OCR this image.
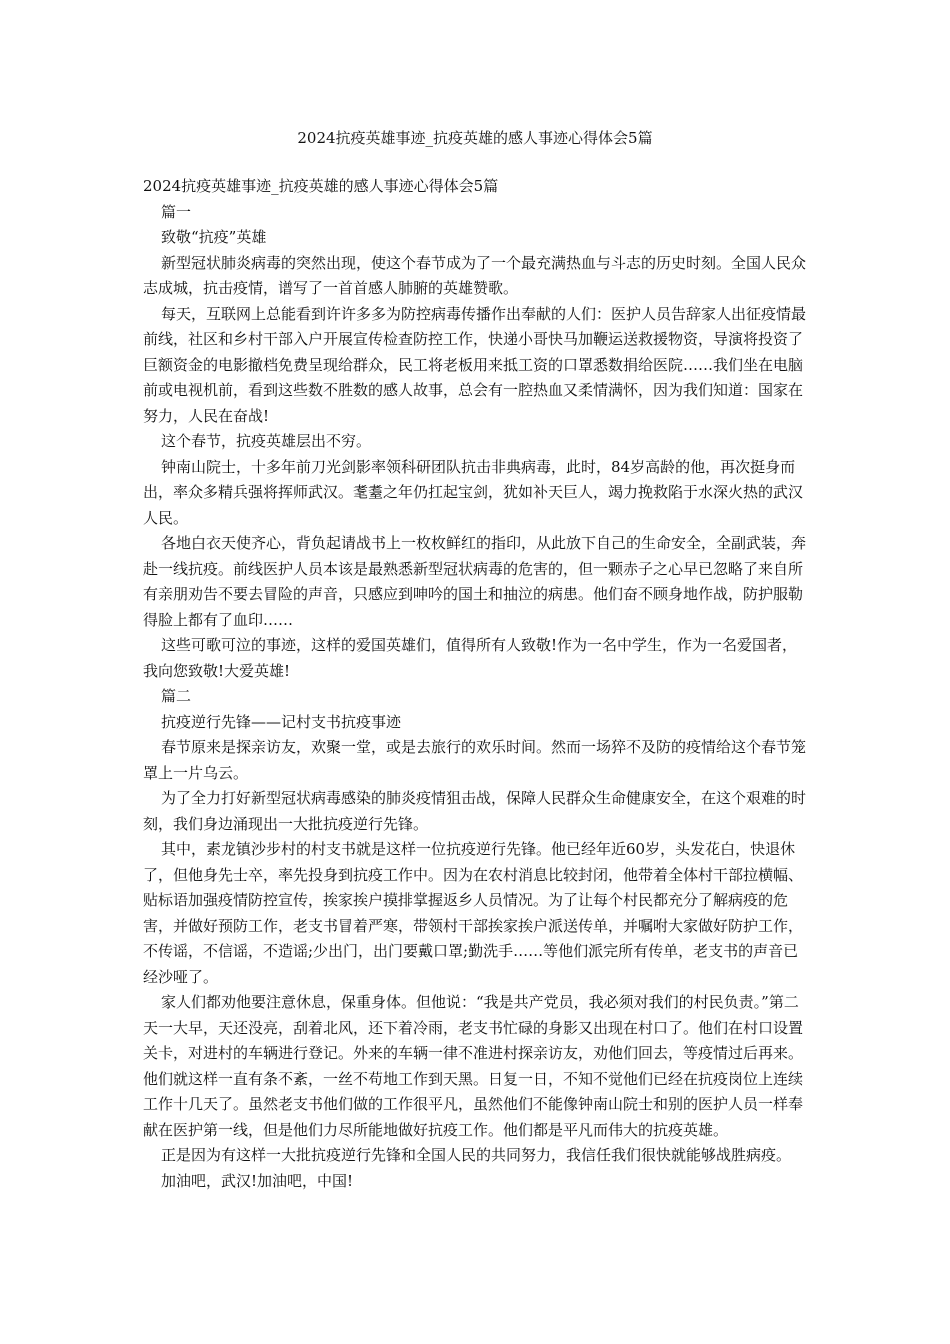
2024抗疫英雄事迹_抗疫英雄的感人事迹心得体会5篇

2024抗疫英雄事迹_抗疫英雄的感人事迹心得体会5篇

篇一

致敬“抗疫”英雄

新型冠状肺炎病毒的突然出现，使这个春节成为了一个最充满热血与斗志的历史时刻。全国人民众志成城，抗击疫情，谱写了一首首感人肺腑的英雄赞歌。

每天，互联网上总能看到许许多多为防控病毒传播作出奉献的人们：医护人员告辞家人出征疫情最前线，社区和乡村干部入户开展宣传检查防控工作，快递小哥快马加鞭运送救援物资，导演将投资了巨额资金的电影撤档免费呈现给群众，民工将老板用来抵工资的口罩悉数捐给医院……我们坐在电脑前或电视机前，看到这些数不胜数的感人故事，总会有一腔热血又柔情满怀，因为我们知道：国家在努力，人民在奋战!

这个春节，抗疫英雄层出不穷。

钟南山院士，十多年前刀光剑影率领科研团队抗击非典病毒，此时，84岁高龄的他，再次挺身而出，率众多精兵强将挥师武汉。耄耋之年仍扛起宝剑，犹如补天巨人，竭力挽救陷于水深火热的武汉人民。

各地白衣天使齐心，背负起请战书上一枚枚鲜红的指印，从此放下自己的生命安全，全副武装，奔赴一线抗疫。前线医护人员本该是最熟悉新型冠状病毒的危害的，但一颗赤子之心早已忽略了来自所有亲朋劝告不要去冒险的声音，只感应到呻吟的国土和抽泣的病患。他们奋不顾身地作战，防护服勒得脸上都有了血印……

这些可歌可泣的事迹，这样的爱国英雄们，值得所有人致敬!作为一名中学生，作为一名爱国者，我向您致敬!大爱英雄!

篇二

抗疫逆行先锋——记村支书抗疫事迹

春节原来是探亲访友，欢聚一堂，或是去旅行的欢乐时间。然而一场猝不及防的疫情给这个春节笼罩上一片乌云。

为了全力打好新型冠状病毒感染的肺炎疫情狙击战，保障人民群众生命健康安全，在这个艰难的时刻，我们身边涌现出一大批抗疫逆行先锋。

其中，素龙镇沙步村的村支书就是这样一位抗疫逆行先锋。他已经年近60岁，头发花白，快退休了，但他身先士卒，率先投身到抗疫工作中。因为在农村消息比较封闭，他带着全体村干部拉横幅、贴标语加强疫情防控宣传，挨家挨户摸排掌握返乡人员情况。为了让每个村民都充分了解病疫的危害，并做好预防工作，老支书冒着严寒，带领村干部挨家挨户派送传单，并嘱咐大家做好防护工作，不传谣，不信谣，不造谣;少出门，出门要戴口罩;勤洗手……等他们派完所有传单，老支书的声音已经沙哑了。

家人们都劝他要注意休息，保重身体。但他说：“我是共产党员，我必须对我们的村民负责。”第二天一大早，天还没亮，刮着北风，还下着冷雨，老支书忙碌的身影又出现在村口了。他们在村口设置关卡，对进村的车辆进行登记。外来的车辆一律不准进村探亲访友，劝他们回去，等疫情过后再来。他们就这样一直有条不紊，一丝不苟地工作到天黑。日复一日，不知不觉他们已经在抗疫岗位上连续工作十几天了。虽然老支书他们做的工作很平凡，虽然他们不能像钟南山院士和别的医护人员一样奉献在医护第一线，但是他们力尽所能地做好抗疫工作。他们都是平凡而伟大的抗疫英雄。

正是因为有这样一大批抗疫逆行先锋和全国人民的共同努力，我信任我们很快就能够战胜病疫。

加油吧，武汉!加油吧，中国!
